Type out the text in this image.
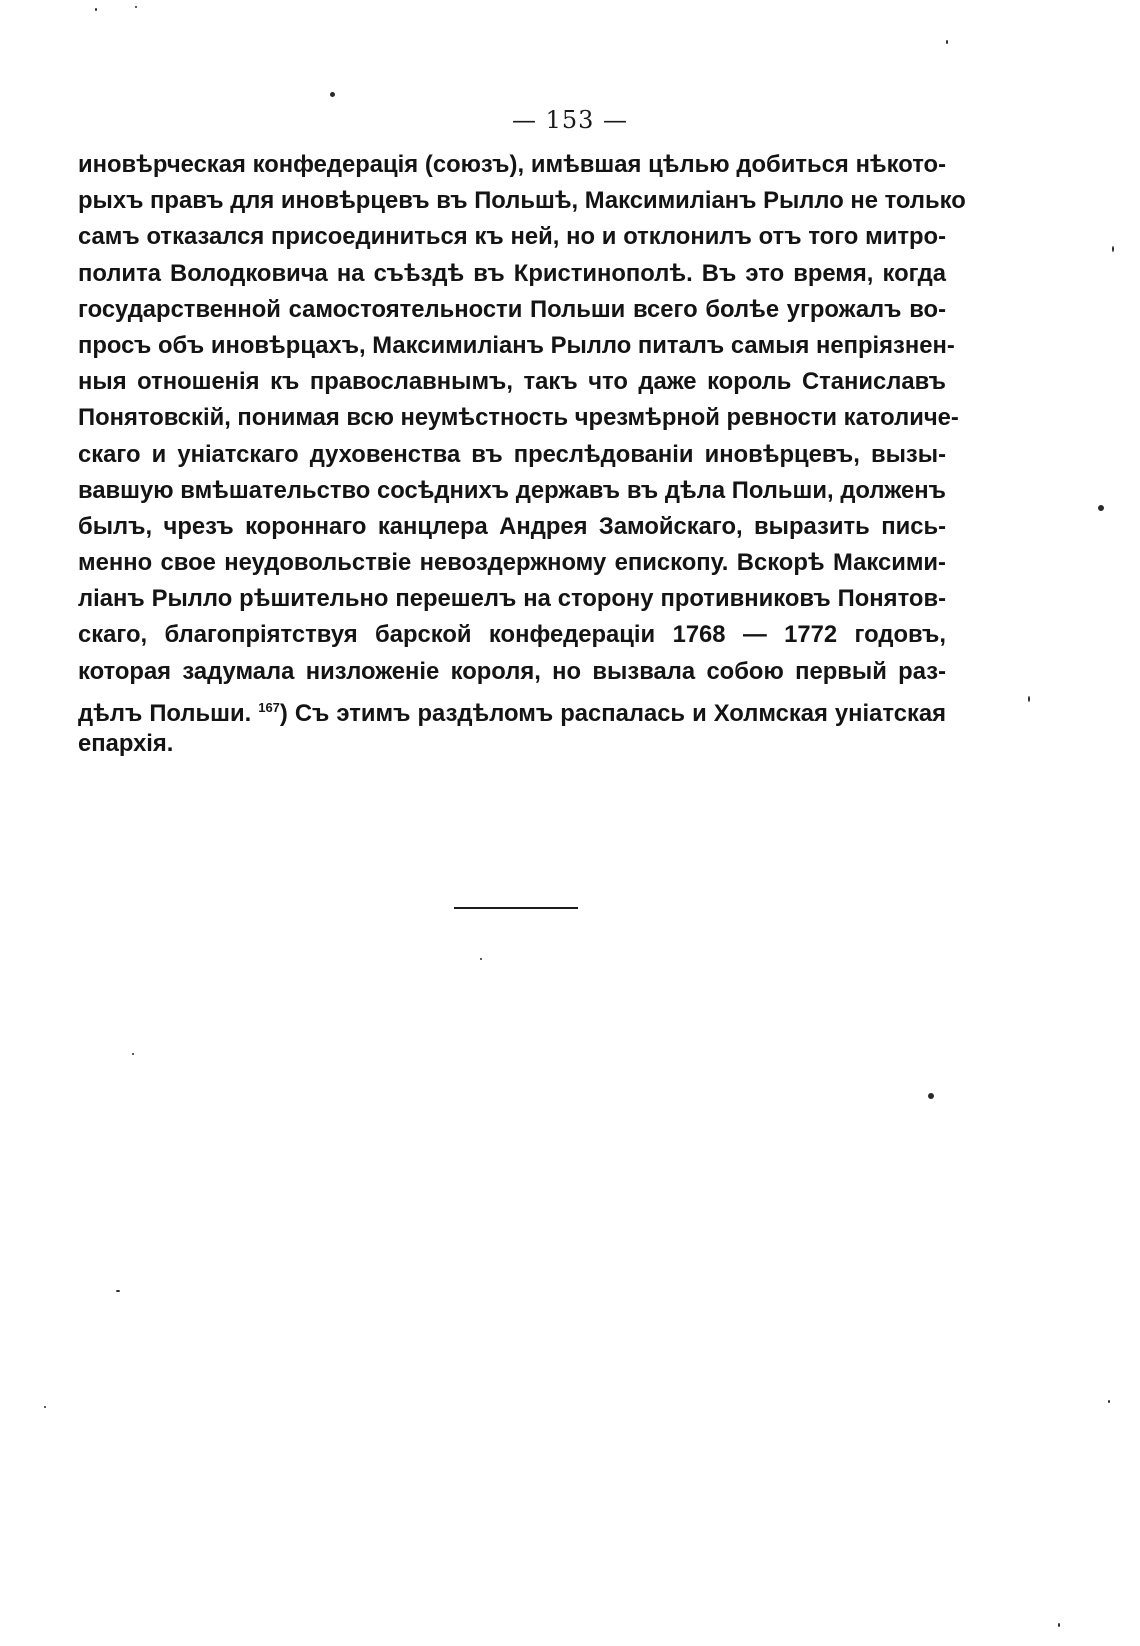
— 153 —
иновѣрческая конфедерація (союзъ), имѣвшая цѣлью добиться нѣкото-
рыхъ правъ для иновѣрцевъ въ Польшѣ, Максимиліанъ Рылло не только
самъ отказался присоединиться къ ней, но и отклонилъ отъ того митро-
полита Володковича на съѣздѣ въ Кристинополѣ. Въ это время, когда
государственной самостоятельности Польши всего болѣе угрожалъ во-
просъ объ иновѣрцахъ, Максимиліанъ Рылло питалъ самыя непріязнен-
ныя отношенія къ православнымъ, такъ что даже король Станиславъ
Понятовскій, понимая всю неумѣстность чрезмѣрной ревности католиче-
скаго и уніатскаго духовенства въ преслѣдованіи иновѣрцевъ, вызы-
вавшую вмѣшательство сосѣднихъ державъ въ дѣла Польши, долженъ
былъ, чрезъ короннаго канцлера Андрея Замойскаго, выразить пись-
менно свое неудовольствіе невоздержному епископу. Вскорѣ Максими-
ліанъ Рылло рѣшительно перешелъ на сторону противниковъ Понятов-
скаго, благопріятствуя барской конфедераціи 1768 — 1772 годовъ,
которая задумала низложеніе короля, но вызвала собою первый раз-
дѣлъ Польши. $^{167}$) Съ этимъ раздѣломъ распалась и Холмская уніатская
епархія.
